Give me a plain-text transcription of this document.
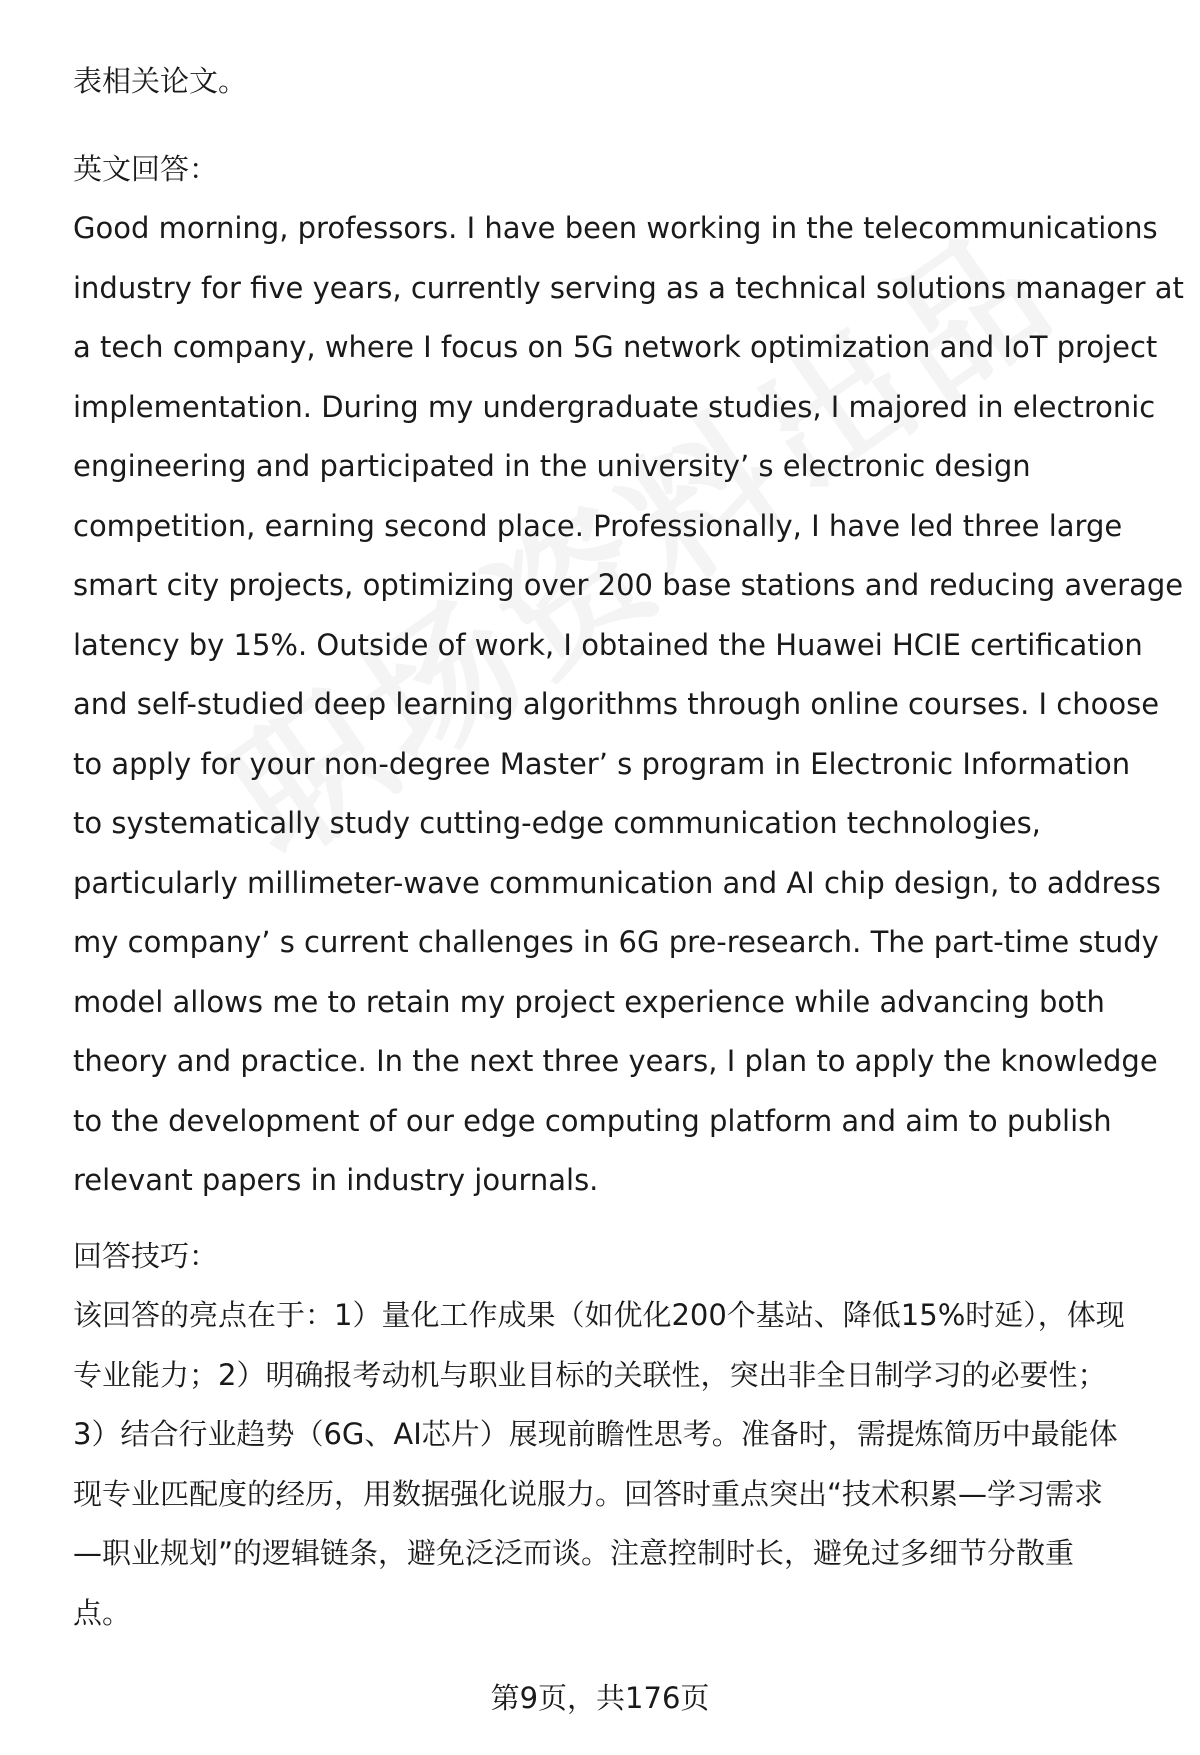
表相关论文。
英文回答：
Good morning, professors. I have been working in the telecommunications
industry for five years, currently serving as a technical solutions manager at
a tech company, where I focus on 5G network optimization and IoT project
implementation. During my undergraduate studies, I majored in electronic
engineering and participated in the university’ s electronic design
competition, earning second place. Professionally, I have led three large
smart city projects, optimizing over 200 base stations and reducing average
latency by 15%. Outside of work, I obtained the Huawei HCIE certification
and self-studied deep learning algorithms through online courses. I choose
to apply for your non-degree Master’ s program in Electronic Information
to systematically study cutting-edge communication technologies,
particularly millimeter-wave communication and AI chip design, to address
my company’ s current challenges in 6G pre-research. The part-time study
model allows me to retain my project experience while advancing both
theory and practice. In the next three years, I plan to apply the knowledge
to the development of our edge computing platform and aim to publish
relevant papers in industry journals.
回答技巧：
该回答的亮点在于：1）量化工作成果（如优化200个基站、降低15%时延），体现
专业能力；2）明确报考动机与职业目标的关联性，突出非全日制学习的必要性；
3）结合行业趋势（6G、AI芯片）展现前瞻性思考。准备时，需提炼简历中最能体
现专业匹配度的经历，用数据强化说服力。回答时重点突出“技术积累—学习需求
—职业规划”的逻辑链条，避免泛泛而谈。注意控制时长，避免过多细节分散重
点。
第9页，共176页
